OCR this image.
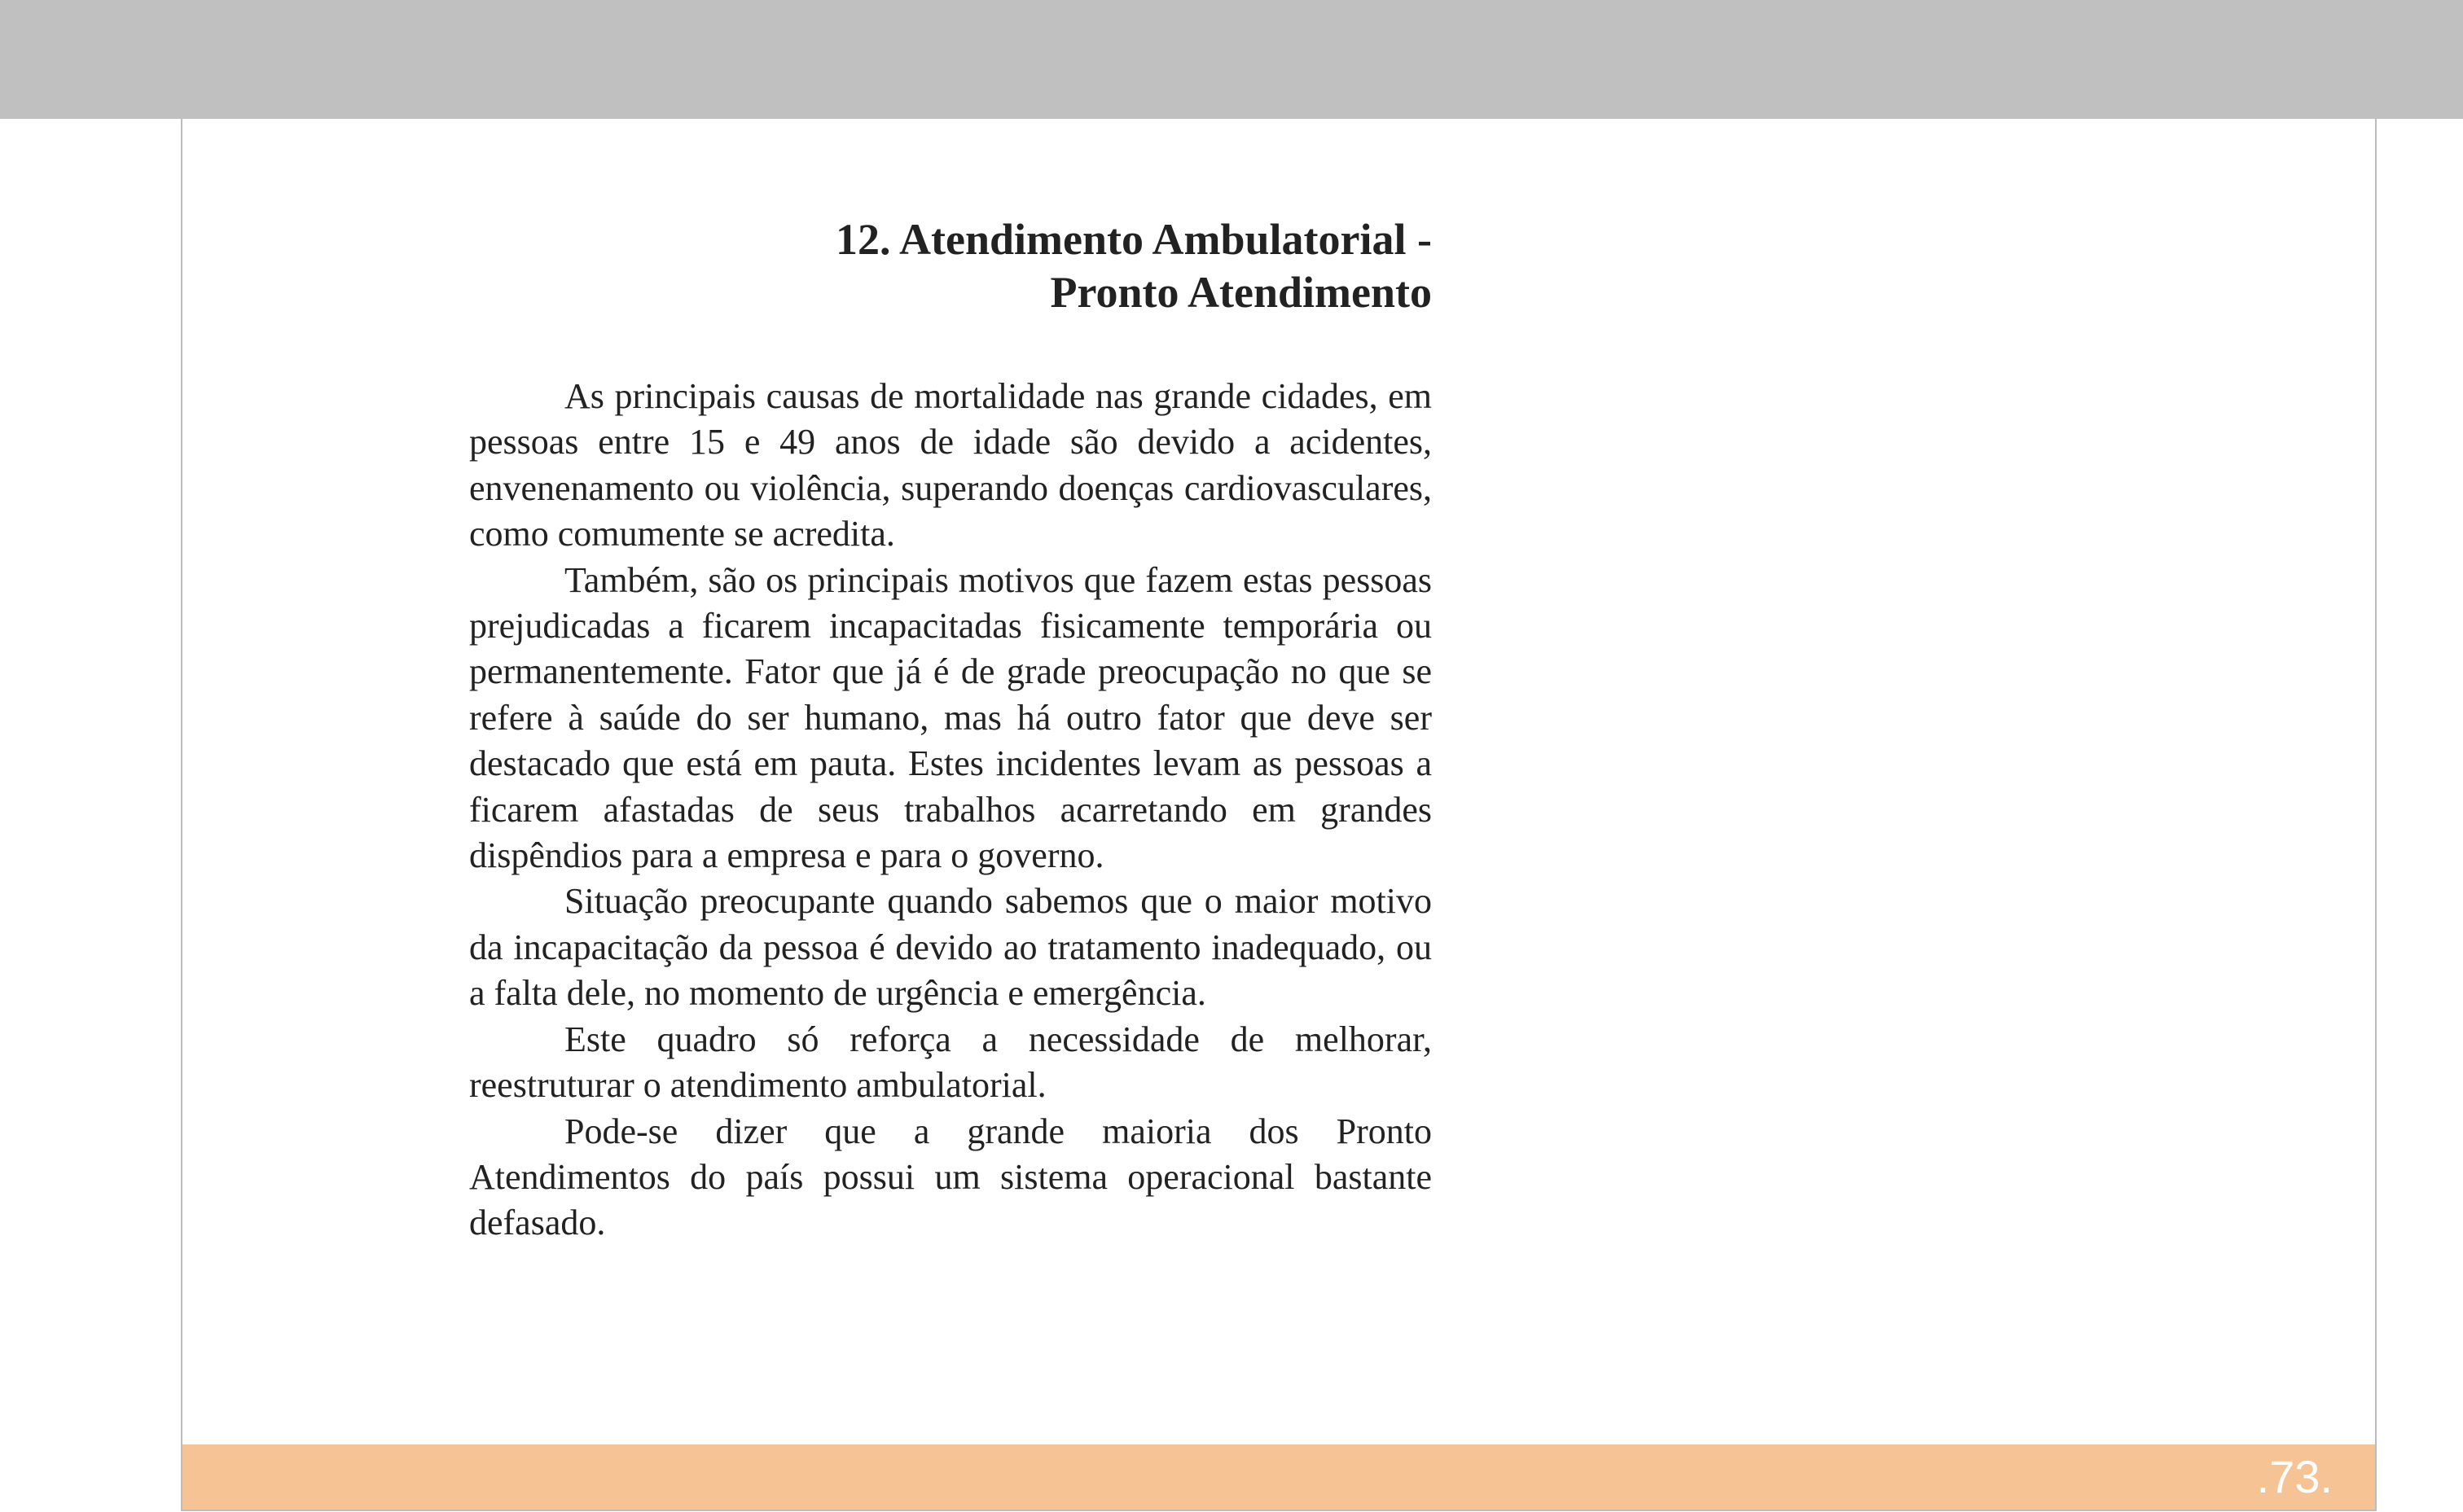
12. Atendimento Ambulatorial -
Pronto Atendimento

As principais causas de mortalidade nas grande cidades, em pessoas entre 15 e 49 anos de idade são devido a acidentes, envenenamento ou violência, superando doenças cardiovasculares, como comumente se acredita.

Também, são os principais motivos que fazem estas pessoas prejudicadas a ficarem incapacitadas fisicamente temporária ou permanentemente. Fator que já é de grade preocupação no que se refere à saúde do ser humano, mas há outro fator que deve ser destacado que está em pauta. Estes incidentes levam as pessoas a ficarem afastadas de seus trabalhos acarretando em grandes dispêndios para a empresa e para o governo.

Situação preocupante quando sabemos que o maior motivo da incapacitação da pessoa é devido ao tratamento inadequado, ou a falta dele, no momento de urgência e emergência.

Este quadro só reforça a necessidade de melhorar, reestruturar o atendimento ambulatorial.

Pode-se dizer que a grande maioria dos Pronto Atendimentos do país possui um sistema operacional bastante defasado.

.73.
